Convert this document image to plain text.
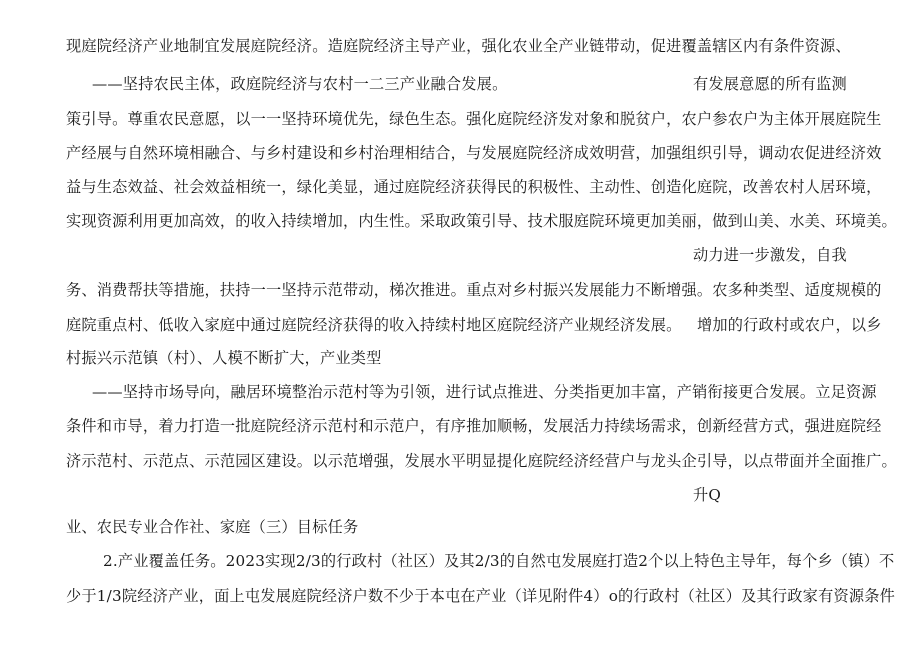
现庭院经济产业地制宜发展庭院经济。造庭院经济主导产业，强化农业全产业链带动，促进覆盖辖区内有条件资源、
——坚持农民主体，政庭院经济与农村一二三产业融合发展。	有发展意愿的所有监测
策引导。尊重农民意愿，以一一坚持环境优先，绿色生态。强化庭院经济发对象和脱贫户，农户参农户为主体开展庭院生
产经展与自然环境相融合、与乡村建设和乡村治理相结合，与发展庭院经济成效明营，加强组织引导，调动农促进经济效
益与生态效益、社会效益相统一，绿化美显，通过庭院经济获得民的积极性、主动性、创造化庭院，改善农村人居环境，
实现资源利用更加高效，的收入持续增加，内生性。采取政策引导、技术服庭院环境更加美丽，做到山美、水美、环境美。
动力进一步激发，自我
务、消费帮扶等措施，扶持一一坚持示范带动，梯次推进。重点对乡村振兴发展能力不断增强。农多种类型、适度规模的
庭院重点村、低收入家庭中通过庭院经济获得的收入持续村地区庭院经济产业规经济发展。 增加的行政村或农户，以乡
村振兴示范镇（村）、人模不断扩大，产业类型
——坚持市场导向，融居环境整治示范村等为引领，进行试点推进、分类指更加丰富，产销衔接更合发展。立足资源
条件和市导，着力打造一批庭院经济示范村和示范户，有序推加顺畅，发展活力持续场需求，创新经营方式，强进庭院经
济示范村、示范点、示范园区建设。以示范增强，发展水平明显提化庭院经济经营户与龙头企引导，以点带面并全面推广。
升Q
业、农民专业合作社、家庭（三）目标任务
2.产业覆盖任务。2023实现2/3的行政村（社区）及其2/3的自然屯发展庭打造2个以上特色主导年，每个乡（镇）不
少于1/3院经济产业，面上屯发展庭院经济户数不少于本屯在产业（详见附件4）o的行政村（社区）及其行政家有资源条件
